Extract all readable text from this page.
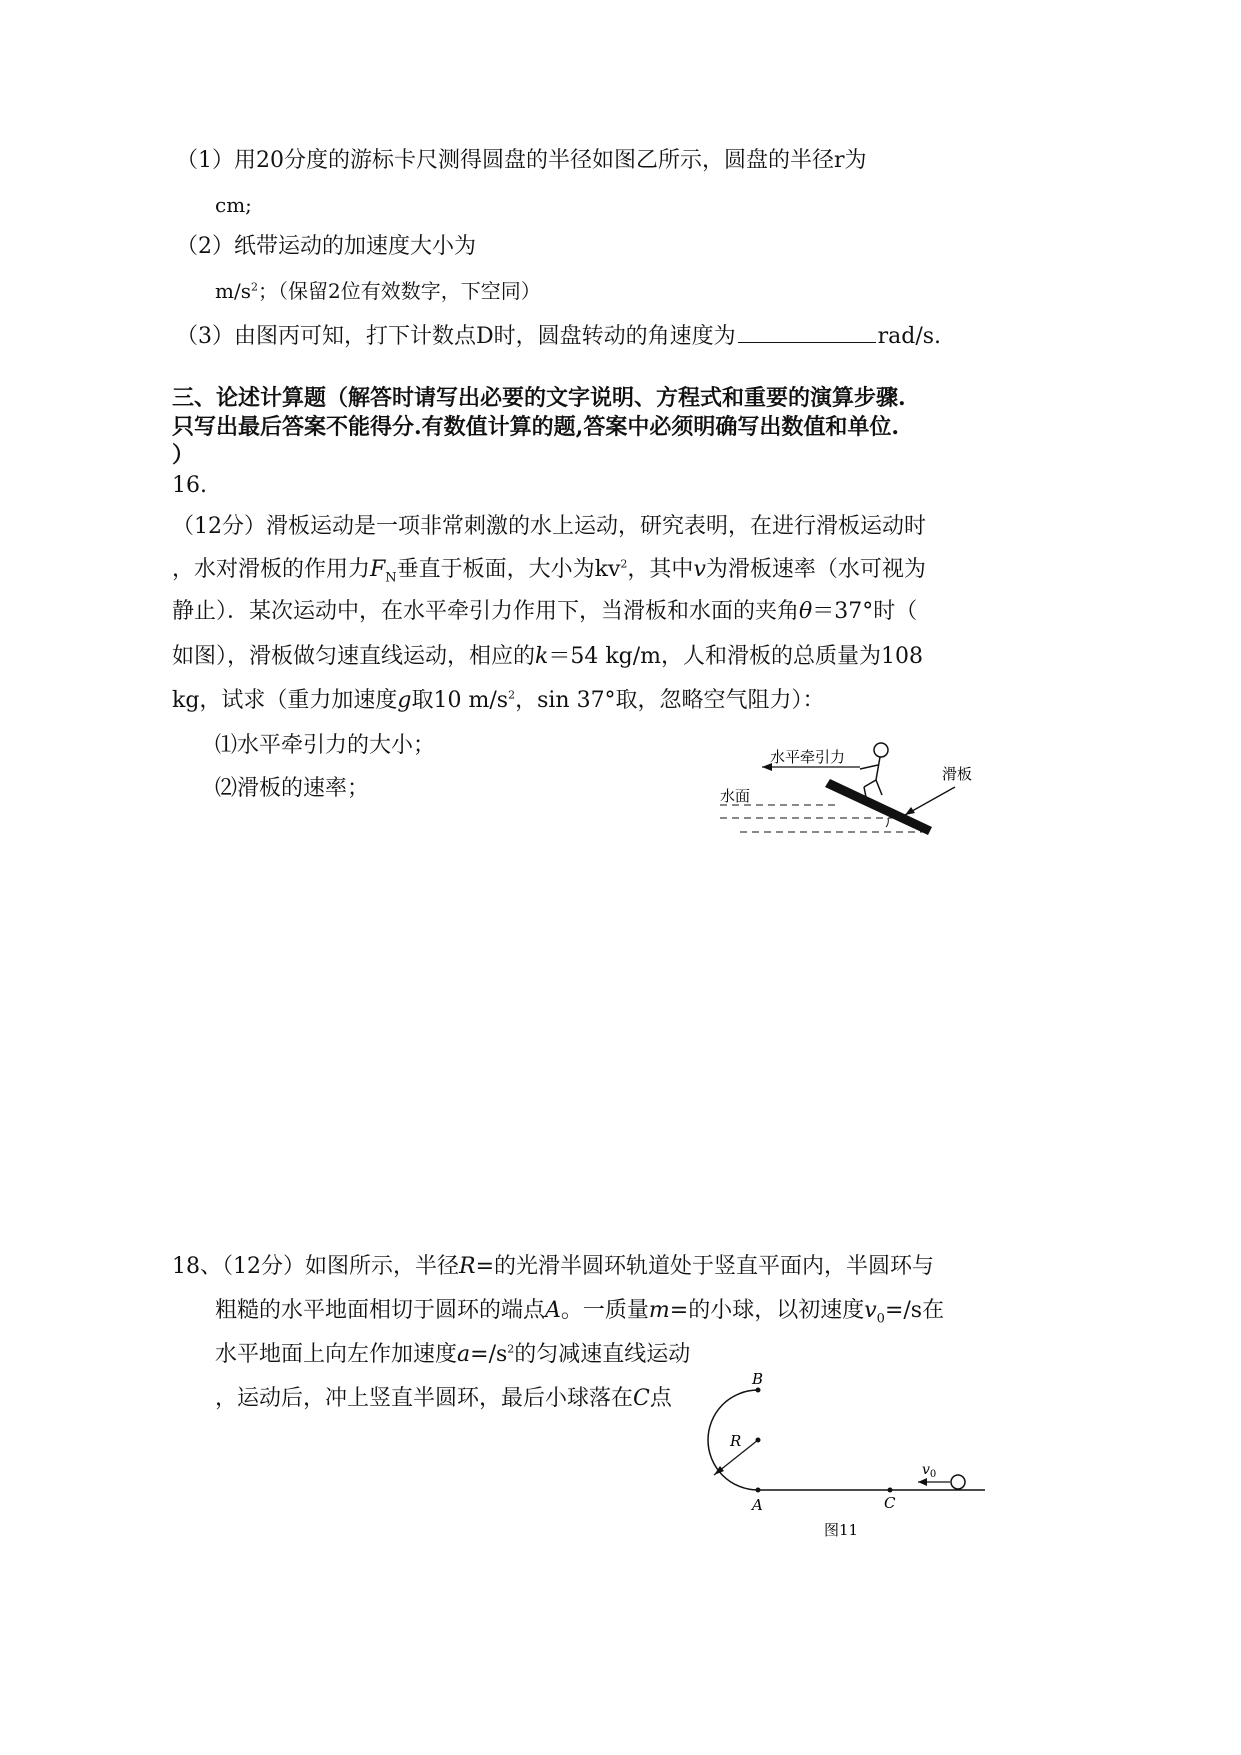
（1）用20分度的游标卡尺测得圆盘的半径如图乙所示，圆盘的半径r为
cm;
（2）纸带运动的加速度大小为
$m/s^2$；（保留2位有效数字，下空同）
（3）由图丙可知，打下计数点D时，圆盘转动的角速度为	rad/s.
三、论述计算题（解答时请写出必要的文字说明、方程式和重要的演算步骤.
只写出最后答案不能得分.有数值计算的题,答案中必须明确写出数值和单位.
）
16.
（12分）滑板运动是一项非常刺激的水上运动，研究表明，在进行滑板运动时
，水对滑板的作用力$F_N$垂直于板面，大小为$kv^2$，其中v为滑板速率（水可视为
静止）．某次运动中，在水平牵引力作用下，当滑板和水面的夹角θ＝37°时（
如图），滑板做匀速直线运动，相应的k＝54 kg/m，人和滑板的总质量为108
kg，试求（重力加速度g取10 $m/s^2$，sin 37°取，忽略空气阻力）：
⑴水平牵引力的大小；
⑵滑板的速率；
水平牵引力
滑板
水面
18、（12分）如图所示，半径R=的光滑半圆环轨道处于竖直平面内，半圆环与
粗糙的水平地面相切于圆环的端点A。一质量m=的小球，以初速度$v_0=/s$在
水平地面上向左作加速度$a=/s^2$的匀减速直线运动
，运动后，冲上竖直半圆环，最后小球落在C点
B
R
A	C
$v_0$
图11
